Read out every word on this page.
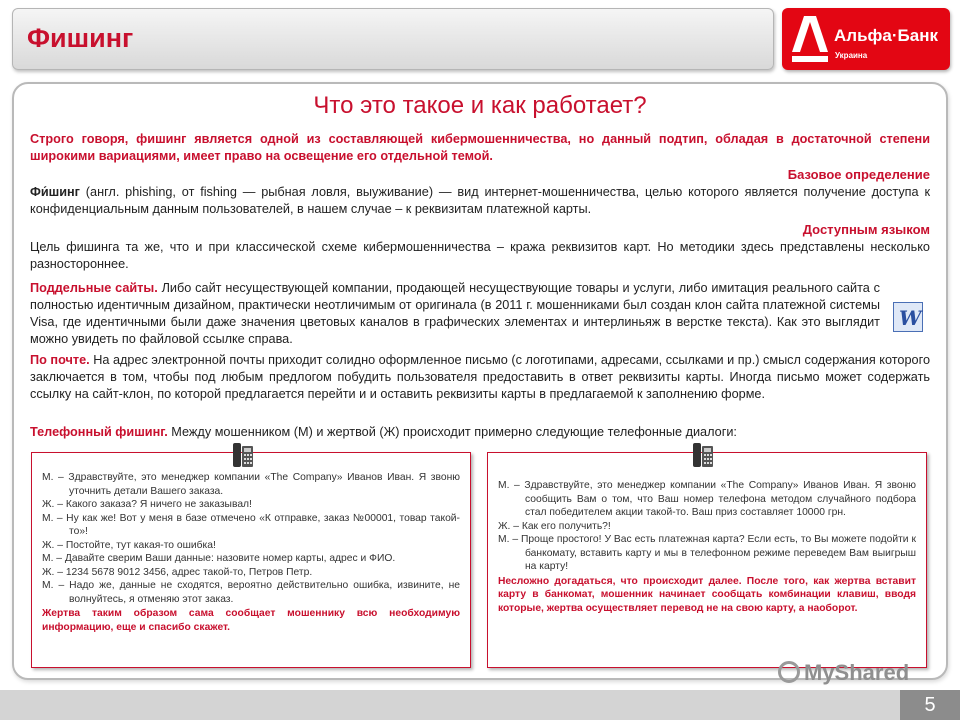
Фишинг	Альфа·Банк
Украина
Что это такое и как работает?
Строго говоря, фишинг является одной из составляющей кибермошенничества, но данный подтип, обладая в достаточной степени широкими вариациями, имеет право на освещение его отдельной темой.
Базовое определение
Фи́шинг (англ. phishing, от fishing — рыбная ловля, выуживание) — вид интернет-мошенничества, целью которого является получение доступа к конфиденциальным данным пользователей, в нашем случае – к реквизитам платежной карты.
Доступным языком
Цель фишинга та же, что и при классической схеме кибермошенничества – кража реквизитов карт. Но методики здесь представлены несколько разностороннее.
Поддельные сайты. Либо сайт несуществующей компании, продающей несуществующие товары и услуги, либо имитация реального сайта с полностью идентичным дизайном, практически неотличимым от оригинала (в 2011 г. мошенниками был создан клон сайта платежной системы Visa, где идентичными были даже значения цветовых каналов в графических элементах и интерлиньяж в верстке текста). Как это выглядит можно увидеть по файловой ссылке справа.
W
По почте. На адрес электронной почты приходит солидно оформленное письмо (с логотипами, адресами, ссылками и пр.) смысл содержания которого заключается в том, чтобы под любым предлогом побудить пользователя предоставить в ответ реквизиты карты. Иногда письмо может содержать ссылку на сайт-клон, по которой предлагается перейти и и оставить реквизиты карты в предлагаемой к заполнению форме.
Телефонный фишинг. Между мошенником (М) и жертвой (Ж) происходит примерно следующие телефонные диалоги:

М. – Здравствуйте, это менеджер компании «The Company» Иванов Иван. Я звоню уточнить детали Вашего заказа.

Ж. – Какого заказа? Я ничего не заказывал!

М. – Ну как же! Вот у меня в базе отмечено «К отправке, заказ №00001, товар такой-то»!

Ж. – Постойте, тут какая-то ошибка!

М. – Давайте сверим Ваши данные: назовите номер карты, адрес и ФИО.

Ж. – 1234 5678 9012 3456, адрес такой-то, Петров Петр.

М. – Надо же, данные не сходятся, вероятно действительно ошибка, извините, не волнуйтесь, я отменяю этот заказ.

Жертва таким образом сама сообщает мошеннику всю необходимую информацию, еще и спасибо скажет.

М. – Здравствуйте, это менеджер компании «The Company» Иванов Иван. Я звоню сообщить Вам о том, что Ваш номер телефона методом случайного подбора стал победителем акции такой-то. Ваш приз составляет 10000 грн.

Ж. – Как его получить?!

М. – Проще простого! У Вас есть платежная карта? Если есть, то Вы можете подойти к банкомату, вставить карту и мы в телефонном режиме переведем Вам выигрыш на карту!

Несложно догадаться, что происходит далее. После того, как жертва вставит карту в банкомат, мошенник начинает сообщать комбинации клавиш, вводя которые, жертва осуществляет перевод не на свою карту, а наоборот.

MyShared
5
